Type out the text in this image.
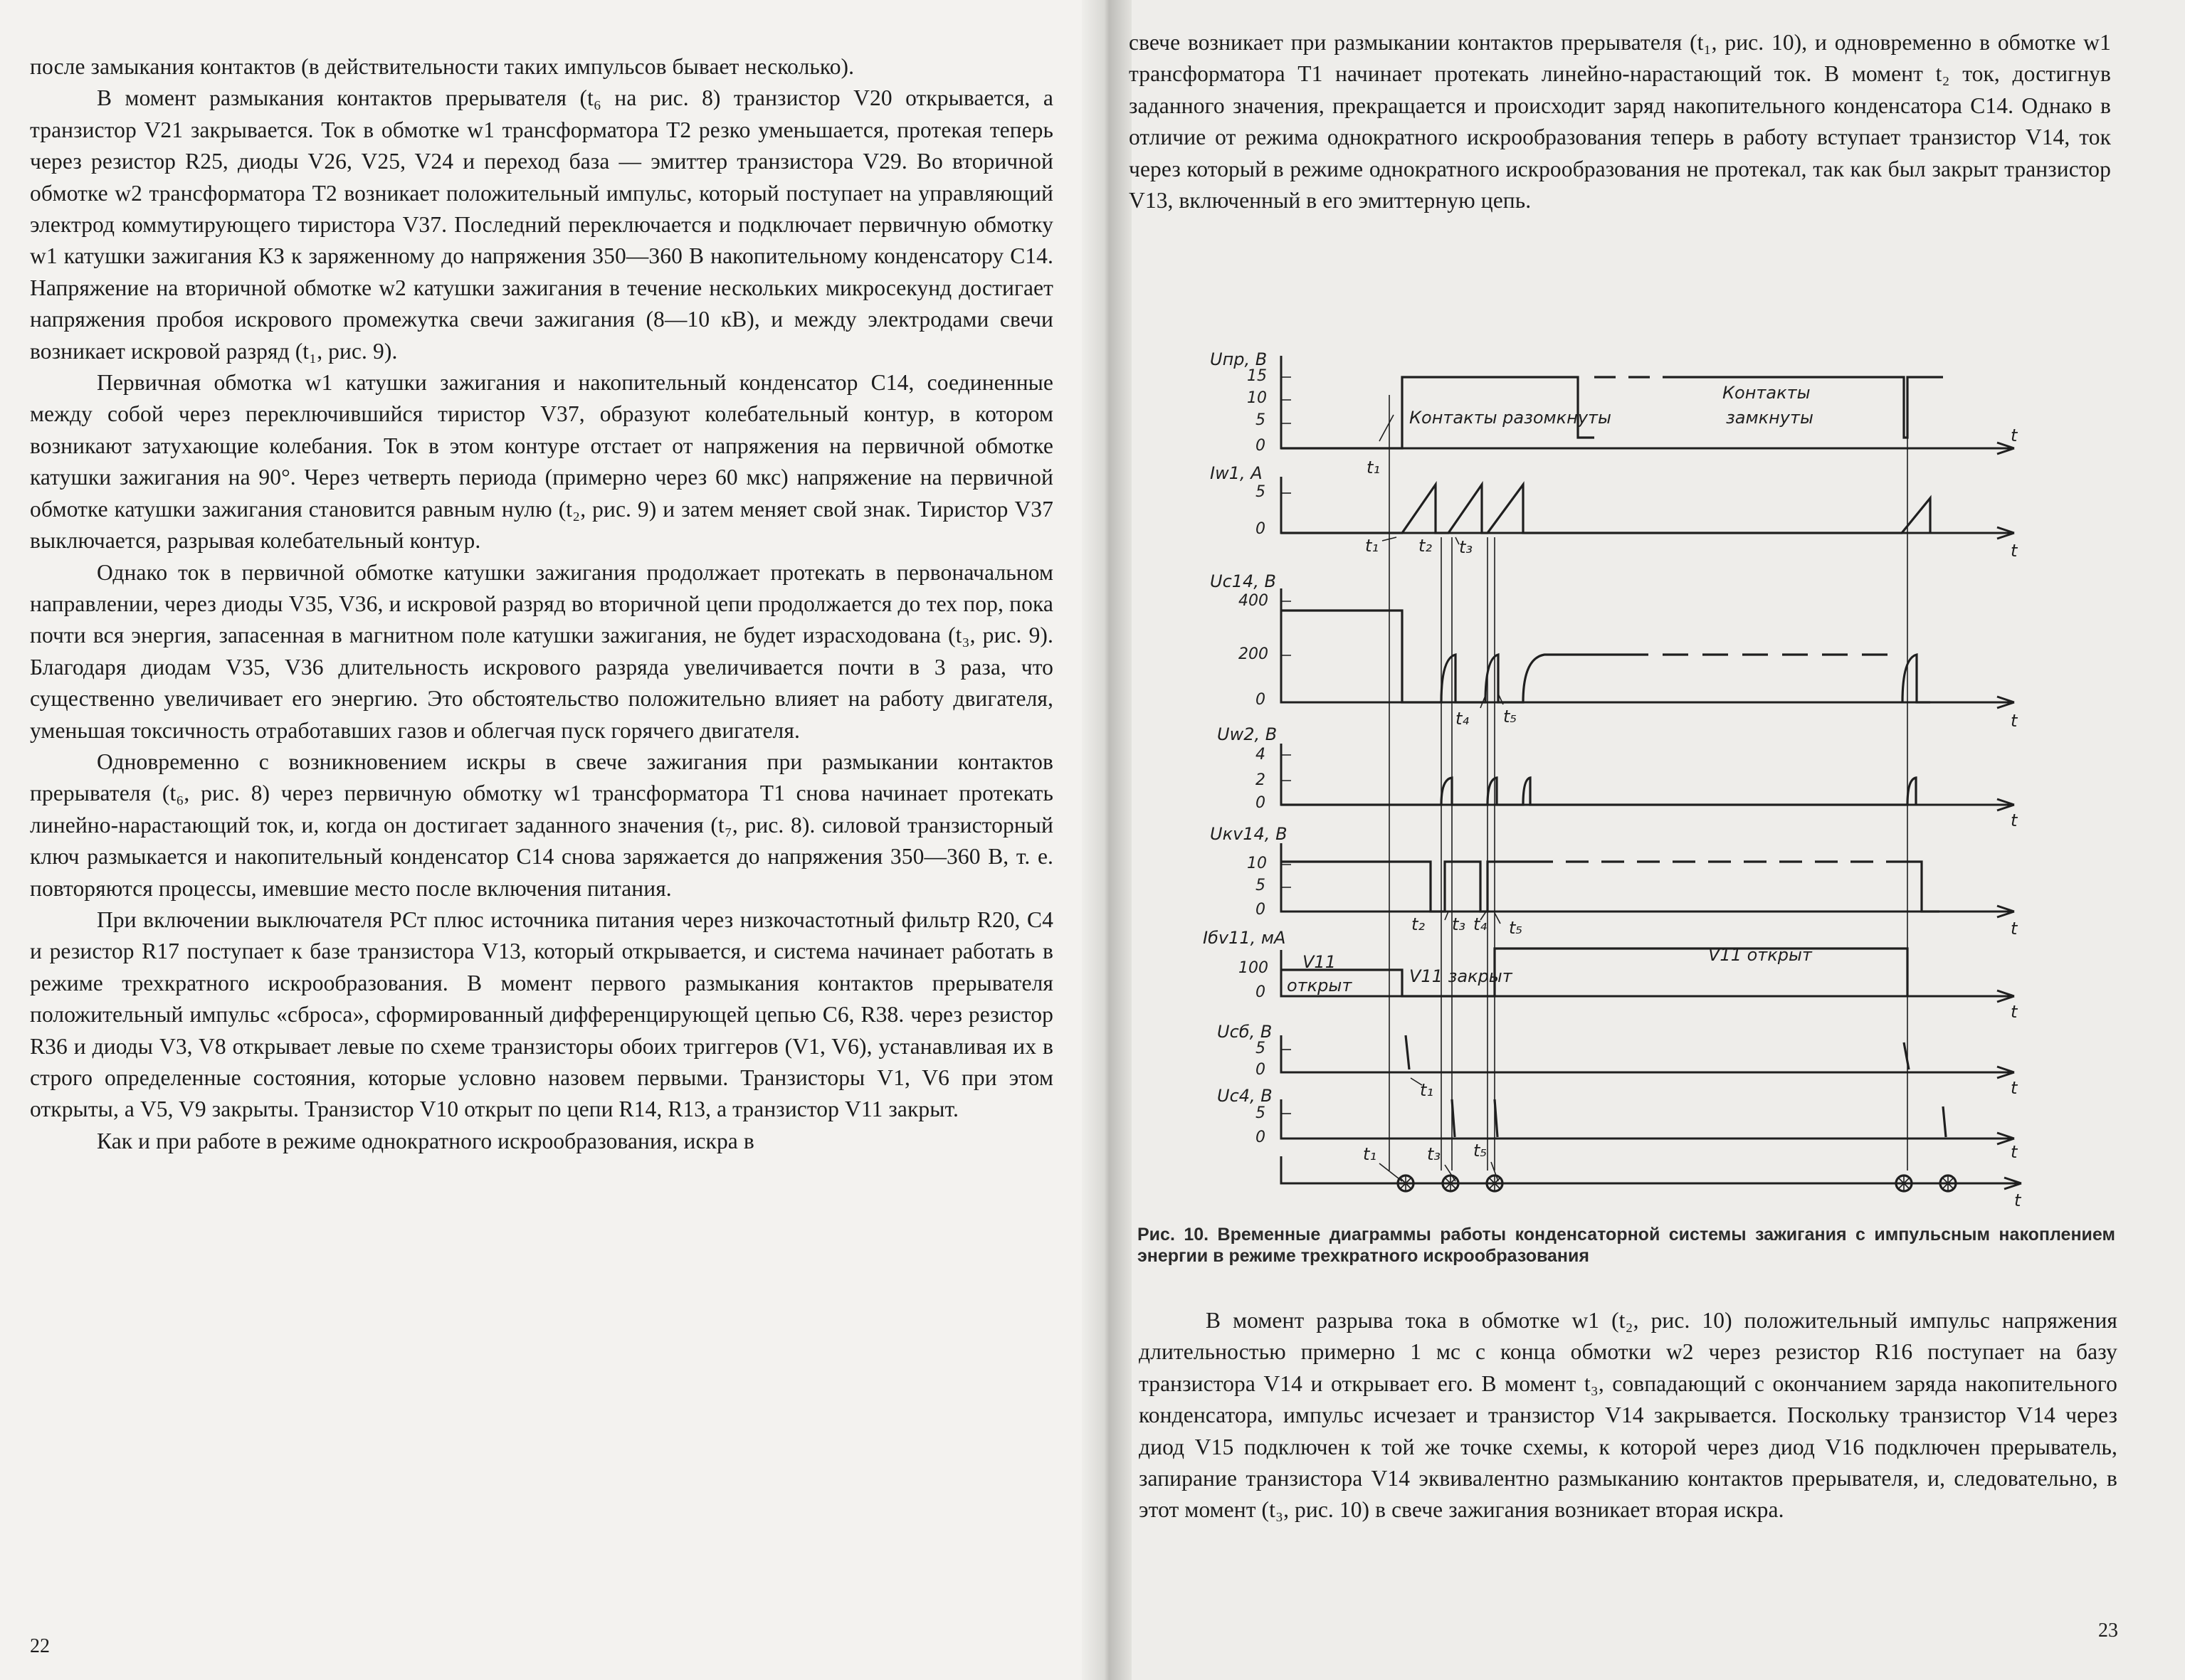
после замыкания контактов (в действительности таких импульсов бывает несколько).

В момент размыкания контактов прерывателя (t₆ на рис. 8) транзистор V20 открывается, а транзистор V21 закрывается. Ток в обмотке w1 трансформатора T2 резко уменьшается, протекая теперь через резистор R25, диоды V26, V25, V24 и переход база — эмиттер транзистора V29. Во вторичной обмотке w2 трансформатора T2 возникает положительный импульс, который поступает на управляющий электрод коммутирующего тиристора V37. Последний переключается и подключает первичную обмотку w1 катушки зажигания КЗ к заряженному до напряжения 350—360 В накопительному конденсатору С14. Напряжение на вторичной обмотке w2 катушки зажигания в течение нескольких микросекунд достигает напряжения пробоя искрового промежутка свечи зажигания (8—10 кВ), и между электродами свечи возникает искровой разряд (t₁, рис. 9).

Первичная обмотка w1 катушки зажигания и накопительный конденсатор С14, соединенные между собой через переключившийся тиристор V37, образуют колебательный контур, в котором возникают затухающие колебания. Ток в этом контуре отстает от напряжения на первичной обмотке катушки зажигания на 90°. Через четверть периода (примерно через 60 мкс) напряжение на первичной обмотке катушки зажигания становится равным нулю (t₂, рис. 9) и затем меняет свой знак. Тиристор V37 выключается, разрывая колебательный контур.

Однако ток в первичной обмотке катушки зажигания продолжает протекать в первоначальном направлении, через диоды V35, V36, и искровой разряд во вторичной цепи продолжается до тех пор, пока почти вся энергия, запасенная в магнитном поле катушки зажигания, не будет израсходована (t₃, рис. 9). Благодаря диодам V35, V36 длительность искрового разряда увеличивается почти в 3 раза, что существенно увеличивает его энергию. Это обстоятельство положительно влияет на работу двигателя, уменьшая токсичность отработавших газов и облегчая пуск горячего двигателя.

Одновременно с возникновением искры в свече зажигания при размыкании контактов прерывателя (t₆, рис. 8) через первичную обмотку w1 трансформатора T1 снова начинает протекать линейно-нарастающий ток, и, когда он достигает заданного значения (t₇, рис. 8). силовой транзисторный ключ размыкается и накопительный конденсатор С14 снова заряжается до напряжения 350—360 В, т. е. повторяются процессы, имевшие место после включения питания.

При включении выключателя РСт плюс источника питания через низкочастотный фильтр R20, С4 и резистор R17 поступает к базе транзистора V13, который открывается, и система начинает работать в режиме трехкратного искрообразования. В момент первого размыкания контактов прерывателя положительный импульс «сброса», сформированный дифференцирующей цепью С6, R38. через резистор R36 и диоды V3, V8 открывает левые по схеме транзисторы обоих триггеров (V1, V6), устанавливая их в строго определенные состояния, которые условно назовем первыми. Транзисторы V1, V6 при этом открыты, а V5, V9 закрыты. Транзистор V10 открыт по цепи R14, R13, а транзистор V11 закрыт.

Как и при работе в режиме однократного искрообразования, искра в

22

свече возникает при размыкании контактов прерывателя (t₁, рис. 10), и одновременно в обмотке w1 трансформатора T1 начинает протекать линейно-нарастающий ток. В момент t₂ ток, достигнув заданного значения, прекращается и происходит заряд накопительного конденсатора С14. Однако в отличие от режима однократного искрообразования теперь в работу вступает транзистор V14, ток через который в режиме однократного искрообразования не протекал, так как был закрыт транзистор V13, включенный в его эмиттерную цепь.

Uпр, В
Iw1, А
Uс14, В
Uw2, В
Uкv14, В
Iбv11, мА
Uсб, В
Uс4, В
15
10
5
0
5
0
400
200
0
4
2
0
10
5
0
100
0
5
0
5
0
t
t
t
t
t
t
t
t
t
Контакты разомкнуты
Контакты
замкнуты
V11
открыт	V11 закрыт
V11 открыт
t₁
t₁ t₂ t₃
t₄ t₅
t₂ t₃ t₄ t₅
t₁
t₁	t₃ t₅
Рис. 10. Временные диаграммы работы конденсаторной системы зажигания с импульсным накоплением энергии в режиме трехкратного искрообразования

В момент разрыва тока в обмотке w1 (t₂, рис. 10) положительный импульс напряжения длительностью примерно 1 мс с конца обмотки w2 через резистор R16 поступает на базу транзистора V14 и открывает его. В момент t₃, совпадающий с окончанием заряда накопительного конденсатора, импульс исчезает и транзистор V14 закрывается. Поскольку транзистор V14 через диод V15 подключен к той же точке схемы, к которой через диод V16 подключен прерыватель, запирание транзистора V14 эквивалентно размыканию контактов прерывателя, и, следовательно, в этот момент (t₃, рис. 10) в свече зажигания возникает вторая искра.

23
